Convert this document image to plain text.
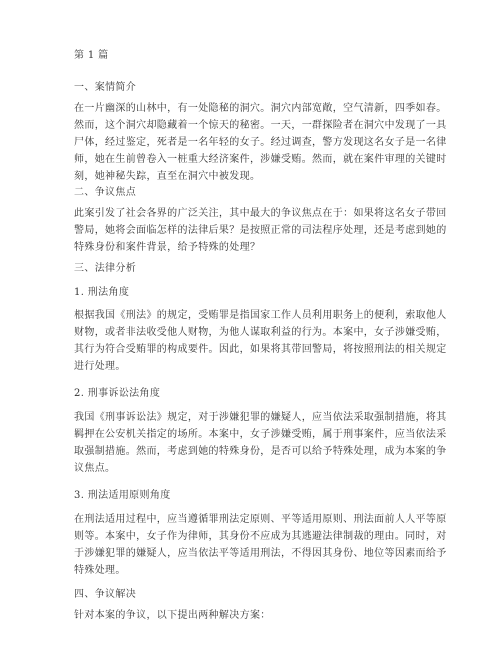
第 1 篇
一、案情简介
在一片幽深的山林中，有一处隐秘的洞穴。洞穴内部宽敞，空气清新，四季如春。
然而，这个洞穴却隐藏着一个惊天的秘密。一天，一群探险者在洞穴中发现了一具
尸体，经过鉴定，死者是一名年轻的女子。经过调查，警方发现这名女子是一名律
师，她在生前曾卷入一桩重大经济案件，涉嫌受贿。然而，就在案件审理的关键时
刻，她神秘失踪，直至在洞穴中被发现。
二、争议焦点
此案引发了社会各界的广泛关注，其中最大的争议焦点在于：如果将这名女子带回
警局，她将会面临怎样的法律后果？是按照正常的司法程序处理，还是考虑到她的
特殊身份和案件背景，给予特殊的处理？
三、法律分析
1. 刑法角度
根据我国《刑法》的规定，受贿罪是指国家工作人员利用职务上的便利，索取他人
财物，或者非法收受他人财物，为他人谋取利益的行为。本案中，女子涉嫌受贿，
其行为符合受贿罪的构成要件。因此，如果将其带回警局，将按照刑法的相关规定
进行处理。
2. 刑事诉讼法角度
我国《刑事诉讼法》规定，对于涉嫌犯罪的嫌疑人，应当依法采取强制措施，将其
羁押在公安机关指定的场所。本案中，女子涉嫌受贿，属于刑事案件，应当依法采
取强制措施。然而，考虑到她的特殊身份，是否可以给予特殊处理，成为本案的争
议焦点。
3. 刑法适用原则角度
在刑法适用过程中，应当遵循罪刑法定原则、平等适用原则、刑法面前人人平等原
则等。本案中，女子作为律师，其身份不应成为其逃避法律制裁的理由。同时，对
于涉嫌犯罪的嫌疑人，应当依法平等适用刑法，不得因其身份、地位等因素而给予
特殊处理。
四、争议解决
针对本案的争议，以下提出两种解决方案：
